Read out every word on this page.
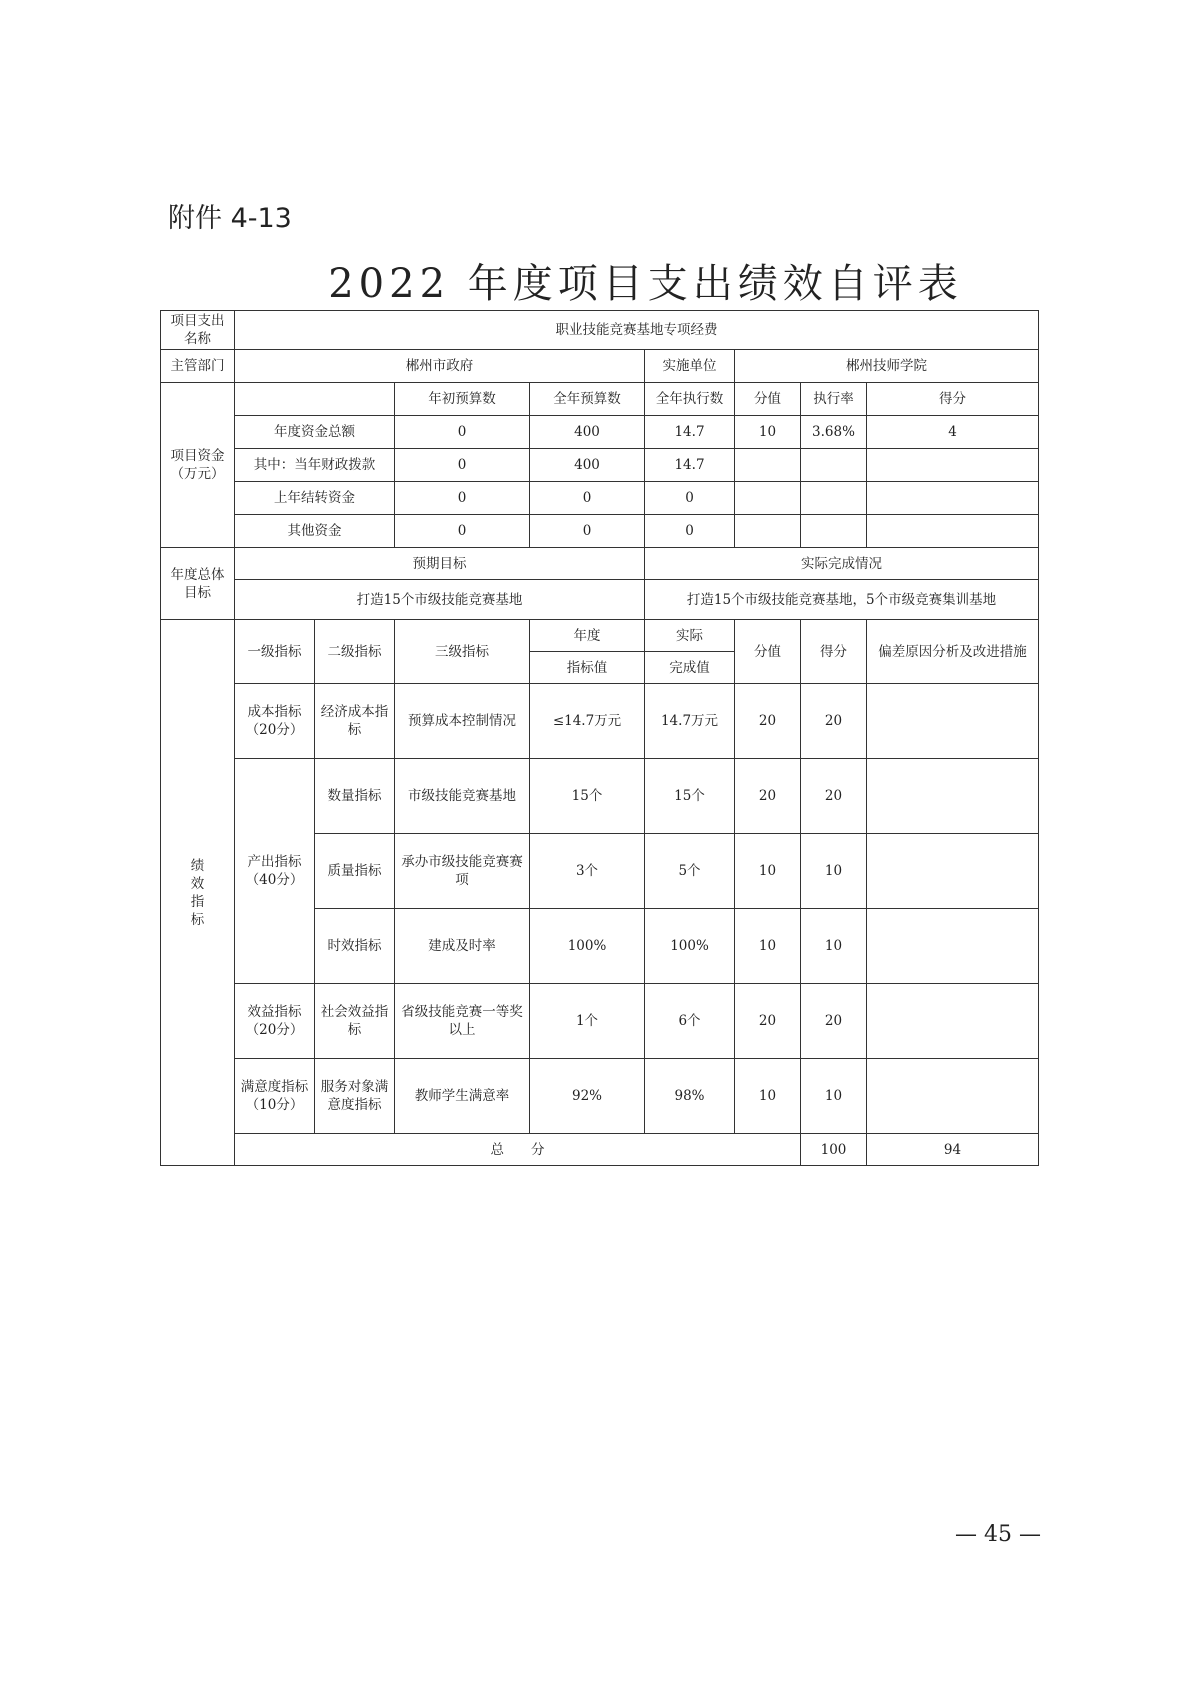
附件 4-13
2022 年度项目支出绩效自评表
项目支出名称	职业技能竞赛基地专项经费								
主管部门	郴州市政府				实施单位	郴州技师学院			
项目资金（万元）			年初预算数	全年预算数	全年执行数	分值	执行率	得分	
	年度资金总额		0	400	14.7	10	3.68%	4	
	其中：当年财政拨款		0	400	14.7				
	上年结转资金		0	0	0				
	其他资金		0	0	0				
年度总体目标	预期目标				实际完成情况				
	打造15个市级技能竞赛基地				打造15个市级技能竞赛基地，5个市级竞赛集训基地				

绩
效
指
标	一级指标	二级指标	三级指标	年度	实际	分值	得分	偏差原因分析及改进措施	
				指标值	完成值				
	成本指标（20分）	经济成本指标	预算成本控制情况	≤14.7万元	14.7万元	20	20		
	产出指标（40分）	数量指标	市级技能竞赛基地	15个	15个	20	20		
		质量指标	承办市级技能竞赛赛项	3个	5个	10	10		
		时效指标	建成及时率	100%	100%	10	10		
	效益指标（20分）	社会效益指标	省级技能竞赛一等奖以上	1个	6个	20	20		
	满意度指标（10分）	服务对象满意度指标	教师学生满意率	92%	98%	10	10		
	总　　分						100	94	
— 45 —
